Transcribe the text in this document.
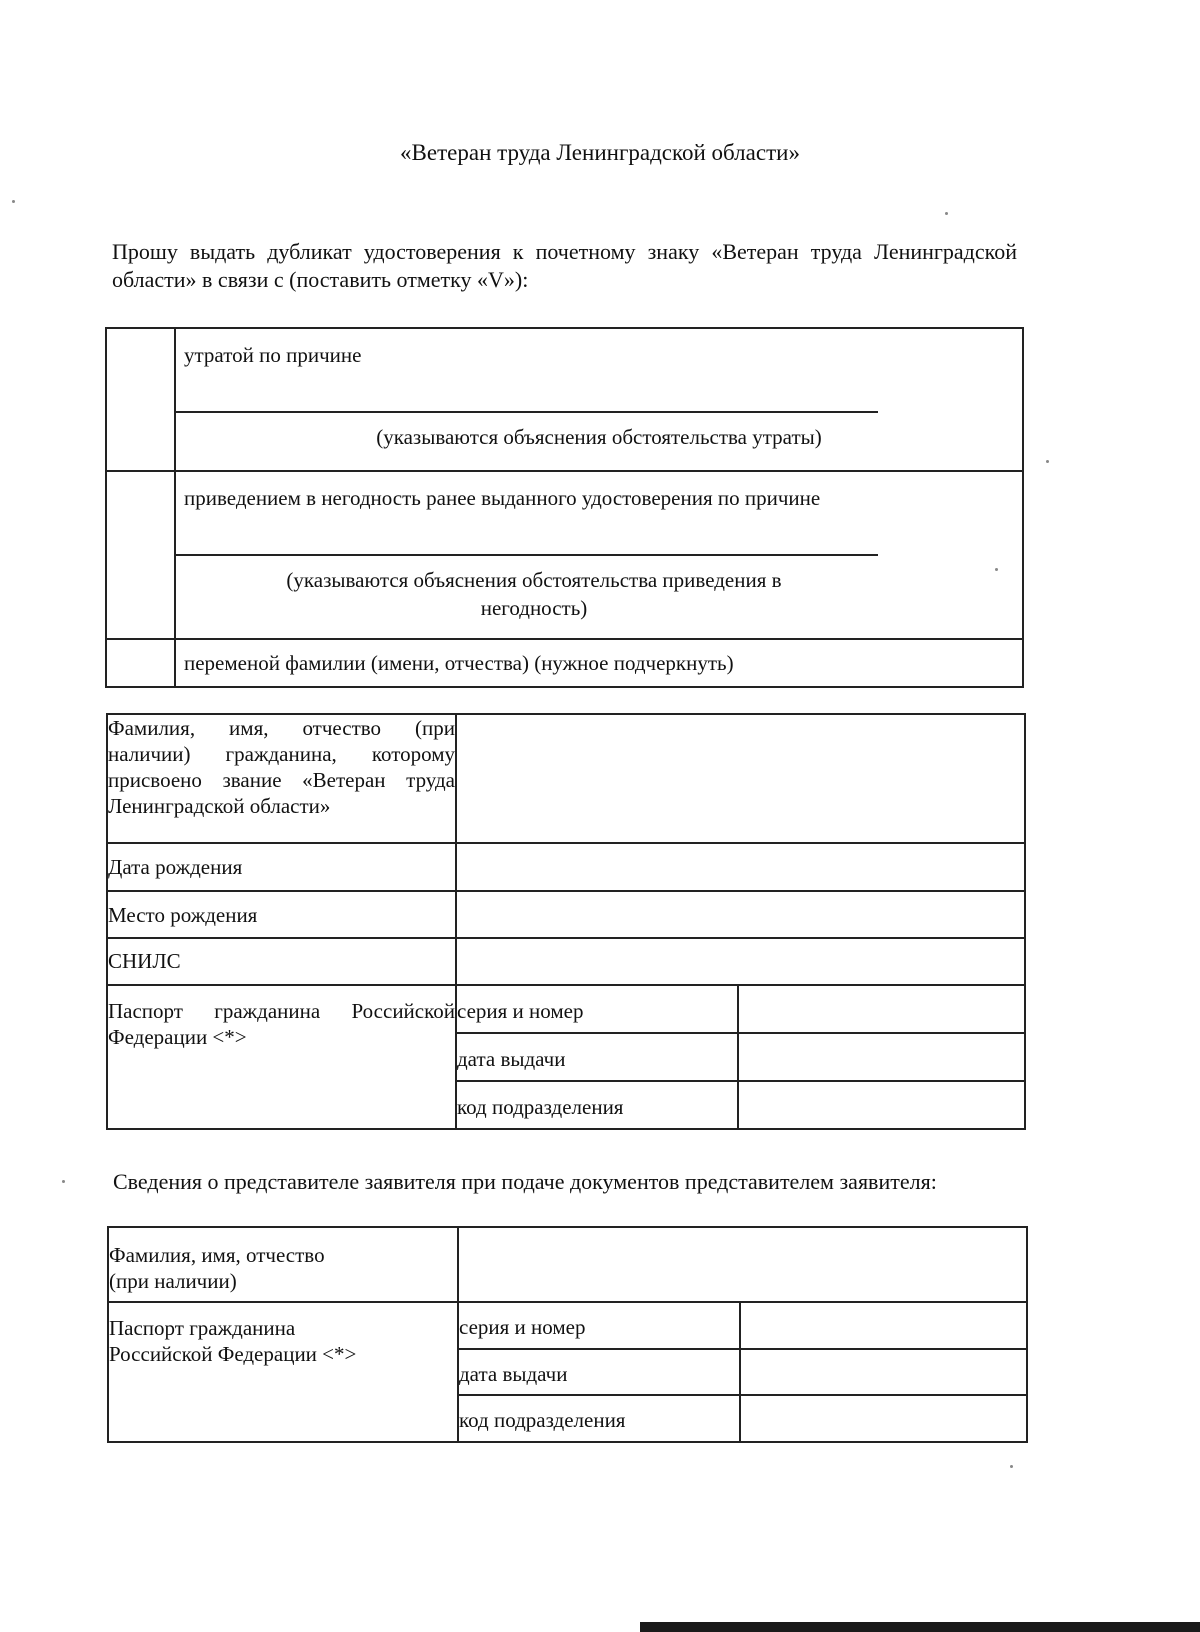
«Ветеран труда Ленинградской области»
Прошу выдать дубликат удостоверения к почетному знаку «Ветеран труда Ленинградской области» в связи с (поставить отметку «V»):

	утратой по причине
(указываются объяснения обстоятельства утраты)

	приведением в негодность ранее выданного удостоверения по причине
(указываются объяснения обстоятельства приведения в негодность)

	переменой фамилии (имени, отчества) (нужное подчеркнуть)
Фамилия, имя, отчество (при наличии) гражданина, которому присвоено звание «Ветеран труда Ленинградской области»		
Дата рождения		
Место рождения		
СНИЛС		
Паспорт гражданина Российской Федерации <*>	серия и номер	
	дата выдачи	
	код подразделения	
Сведения о представителе заявителя при подаче документов представителем заявителя:
Фамилия, имя, отчество (при наличии)		
Паспорт гражданина Российской Федерации <*>	серия и номер	
	дата выдачи	
	код подразделения	
